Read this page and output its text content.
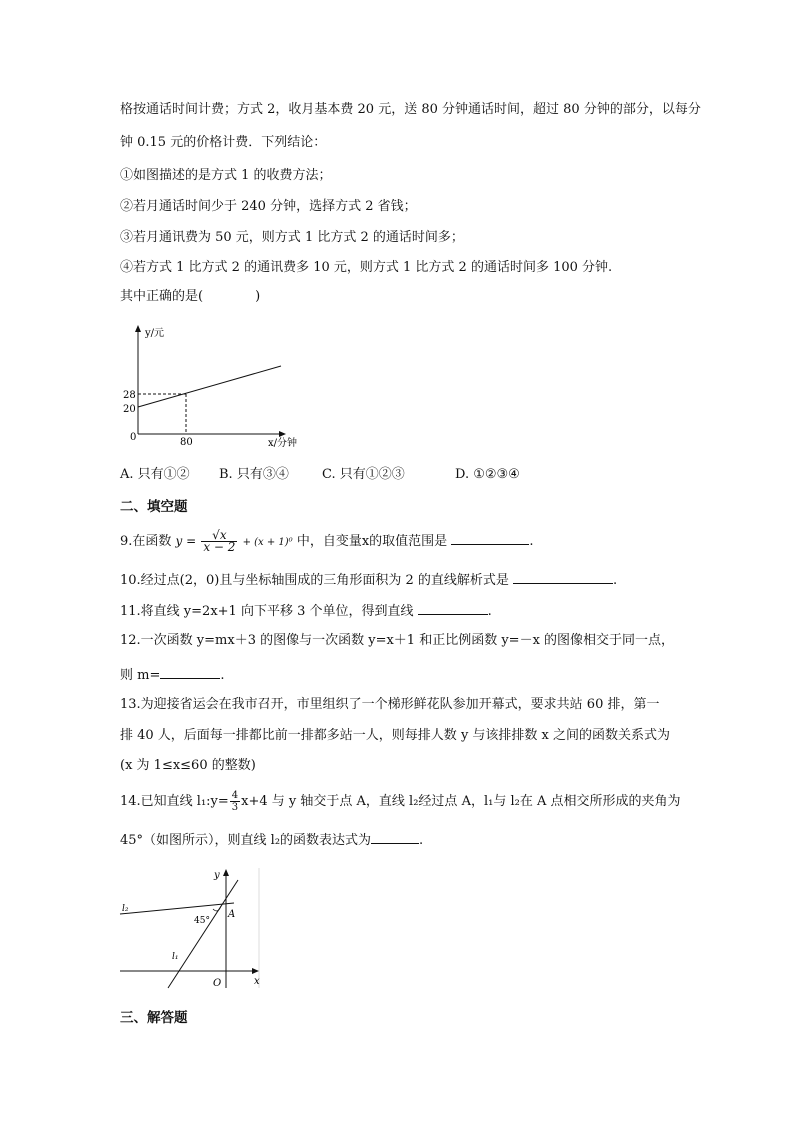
格按通话时间计费；方式 2，收月基本费 20 元，送 80 分钟通话时间，超过 80 分钟的部分，以每分
钟 0.15 元的价格计费．下列结论：
①如图描述的是方式 1 的收费方法；
②若月通话时间少于 240 分钟，选择方式 2 省钱；
③若月通讯费为 50 元，则方式 1 比方式 2 的通话时间多；
④若方式 1 比方式 2 的通讯费多 10 元，则方式 1 比方式 2 的通话时间多 100 分钟.
其中正确的是(　　　　)
y/元
x/分钟
0
28
20
80
A. 只有①② B. 只有③④	C. 只有①②③	D. ①②③④
二、填空题
9.在函数 $y = \frac{√x}{x - 2} + (x + 1)^0$ 中，自变量x的取值范围是	.
10.经过点(2，0)且与坐标轴围成的三角形面积为 2 的直线解析式是	.
11.将直线 y=2x+1 向下平移 3 个单位，得到直线	.
12.一次函数 y=mx＋3 的图像与一次函数 y=x＋1 和正比例函数 y=－x 的图像相交于同一点，
则 m=	.
13.为迎接省运会在我市召开，市里组织了一个梯形鲜花队参加开幕式，要求共站 60 排，第一
排 40 人，后面每一排都比前一排都多站一人，则每排人数 y 与该排排数 x 之间的函数关系式为
(x 为 1≤x≤60 的整数)
14.已知直线 l₁:y= $\frac{4}{3} x+4$ 与 y 轴交于点 A，直线 l₂经过点 A，l₁与 l₂在 A 点相交所形成的夹角为
45°（如图所示），则直线 l₂的函数表达式为	.
y
x
O
A
45°
l₁
l₂
三、解答题
